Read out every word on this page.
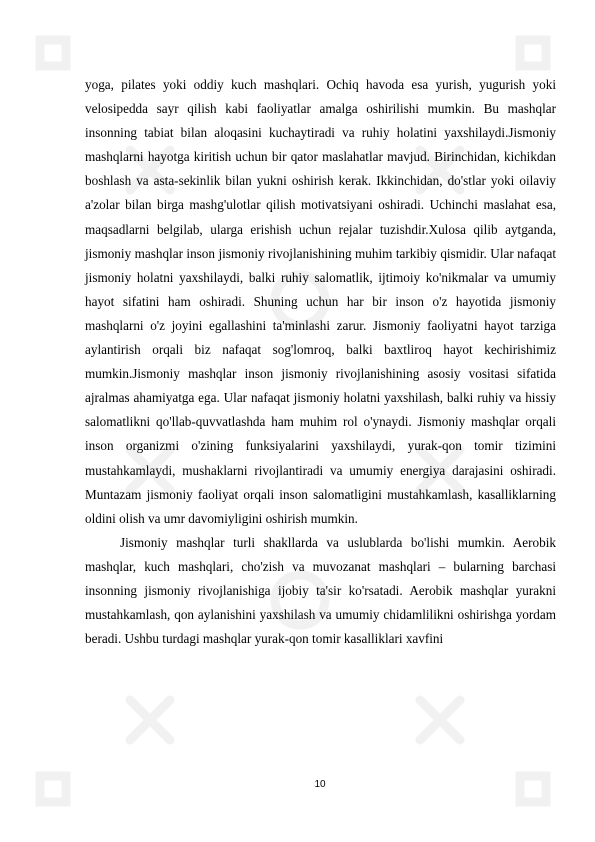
yoga, pilates yoki oddiy kuch mashqlari. Ochiq havoda esa yurish, yugurish yoki velosipedda sayr qilish kabi faoliyatlar amalga oshirilishi mumkin. Bu mashqlar insonning tabiat bilan aloqasini kuchaytiradi va ruhiy holatini yaxshilaydi.Jismoniy mashqlarni hayotga kiritish uchun bir qator maslahatlar mavjud. Birinchidan, kichikdan boshlash va asta-sekinlik bilan yukni oshirish kerak. Ikkinchidan, do'stlar yoki oilaviy a'zolar bilan birga mashg'ulotlar qilish motivatsiyani oshiradi. Uchinchi maslahat esa, maqsadlarni belgilab, ularga erishish uchun rejalar tuzishdir.Xulosa qilib aytganda, jismoniy mashqlar inson jismoniy rivojlanishining muhim tarkibiy qismidir. Ular nafaqat jismoniy holatni yaxshilaydi, balki ruhiy salomatlik, ijtimoiy ko'nikmalar va umumiy hayot sifatini ham oshiradi. Shuning uchun har bir inson o'z hayotida jismoniy mashqlarni o'z joyini egallashini ta'minlashi zarur. Jismoniy faoliyatni hayot tarziga aylantirish orqali biz nafaqat sog'lomroq, balki baxtliroq hayot kechirishimiz mumkin.Jismoniy mashqlar inson jismoniy rivojlanishining asosiy vositasi sifatida ajralmas ahamiyatga ega. Ular nafaqat jismoniy holatni yaxshilash, balki ruhiy va hissiy salomatlikni qo'llab-quvvatlashda ham muhim rol o'ynaydi. Jismoniy mashqlar orqali inson organizmi o'zining funksiyalarini yaxshilaydi, yurak-qon tomir tizimini mustahkamlaydi, mushaklarni rivojlantiradi va umumiy energiya darajasini oshiradi. Muntazam jismoniy faoliyat orqali inson salomatligini mustahkamlash, kasalliklarning oldini olish va umr davomiyligini oshirish mumkin.

Jismoniy mashqlar turli shakllarda va uslublarda bo'lishi mumkin. Aerobik mashqlar, kuch mashqlari, cho'zish va muvozanat mashqlari – bularning barchasi insonning jismoniy rivojlanishiga ijobiy ta'sir ko'rsatadi. Aerobik mashqlar yurakni mustahkamlash, qon aylanishini yaxshilash va umumiy chidamlilikni oshirishga yordam beradi. Ushbu turdagi mashqlar yurak-qon tomir kasalliklari xavfini

10
